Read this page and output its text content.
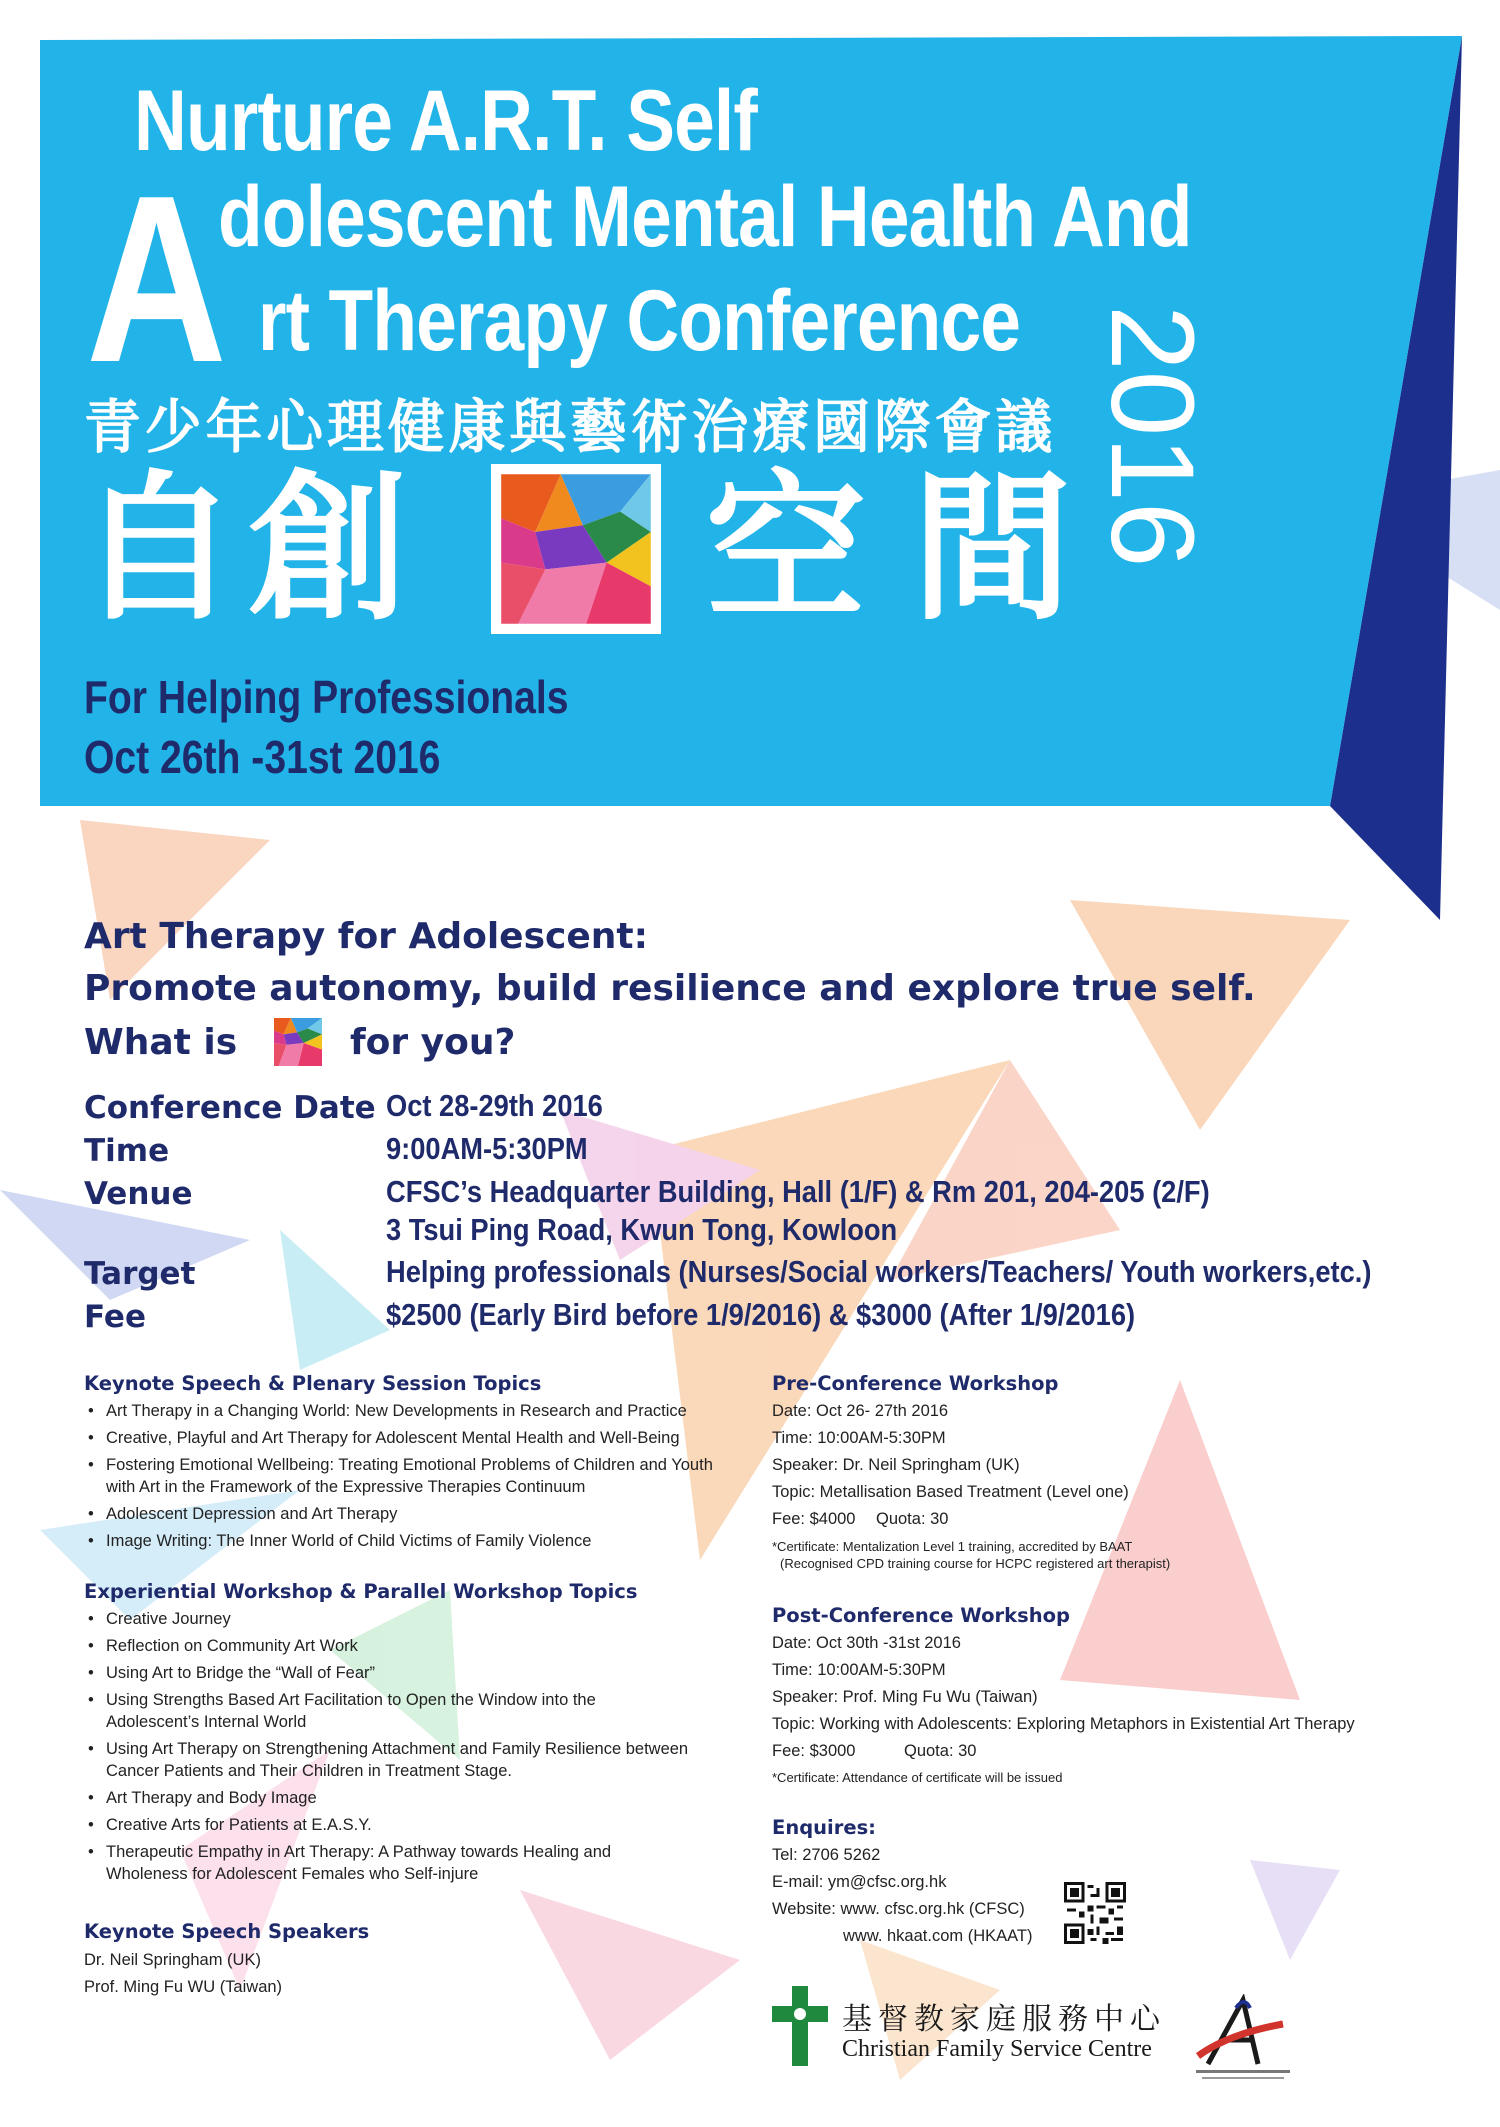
Nurture A.R.T. Self
A
dolescent Mental Health And
rt Therapy Conference
青少年心理健康與藝術治療國際會議
自 創 空 間 2016
For Helping Professionals
Oct 26th -31st 2016
Art Therapy for Adolescent:
Promote autonomy, build resilience and explore true self.
What is	for you?
Conference Date Oct 28-29th 2016
Time	9:00AM-5:30PM
Venue	CFSC’s Headquarter Building, Hall (1/F) & Rm 201, 204-205 (2/F)
3 Tsui Ping Road, Kwun Tong, Kowloon
Target	Helping professionals (Nurses/Social workers/Teachers/ Youth workers,etc.)
Fee	$2500 (Early Bird before 1/9/2016) & $3000 (After 1/9/2016)
Keynote Speech & Plenary Session Topics
• Art Therapy in a Changing World: New Developments in Research and Practice
• Creative, Playful and Art Therapy for Adolescent Mental Health and Well-Being
• Fostering Emotional Wellbeing: Treating Emotional Problems of Children and Youth with Art in the Framework of the Expressive Therapies Continuum
• Adolescent Depression and Art Therapy
• Image Writing: The Inner World of Child Victims of Family Violence
Experiential Workshop & Parallel Workshop Topics
• Creative Journey
• Reflection on Community Art Work
• Using Art to Bridge the “Wall of Fear”
• Using Strengths Based Art Facilitation to Open the Window into the Adolescent’s Internal World
• Using Art Therapy on Strengthening Attachment and Family Resilience between Cancer Patients and Their Children in Treatment Stage.
• Art Therapy and Body Image
• Creative Arts for Patients at E.A.S.Y.
• Therapeutic Empathy in Art Therapy: A Pathway towards Healing and Wholeness for Adolescent Females who Self-injure
Keynote Speech Speakers
Dr. Neil Springham (UK)
Prof. Ming Fu WU (Taiwan)
Pre-Conference Workshop
Date: Oct 26- 27th 2016
Time: 10:00AM-5:30PM
Speaker: Dr. Neil Springham (UK)
Topic: Metallisation Based Treatment (Level one)
Fee: $4000 Quota: 30
*Certificate: Mentalization Level 1 training, accredited by BAAT
(Recognised CPD training course for HCPC registered art therapist)
Post-Conference Workshop
Date: Oct 30th -31st 2016
Time: 10:00AM-5:30PM
Speaker: Prof. Ming Fu Wu (Taiwan)
Topic: Working with Adolescents: Exploring Metaphors in Existential Art Therapy
Fee: $3000	Quota: 30
*Certificate: Attendance of certificate will be issued
Enquires:
Tel: 2706 5262
E-mail: ym@cfsc.org.hk
Website: www. cfsc.org.hk (CFSC)
www. hkaat.com (HKAAT)
基督教家庭服務中心
Christian Family Service Centre
